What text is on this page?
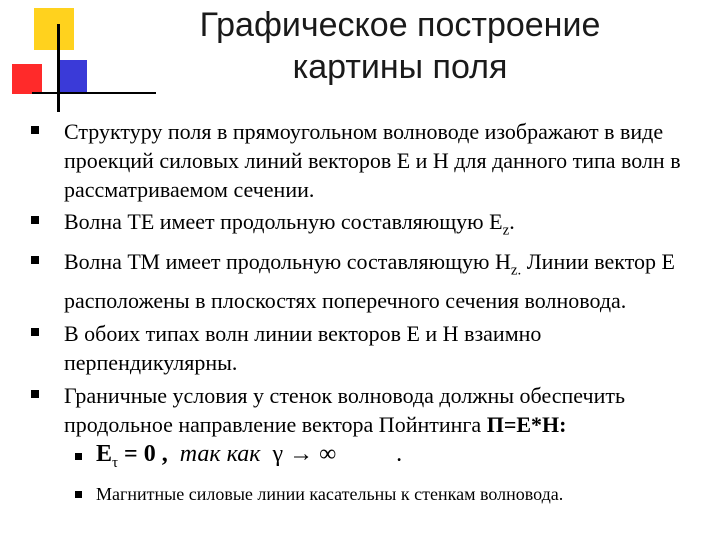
Графическое построение
картины поля
Структуру поля в прямоугольном волноводе изображают в виде проекций силовых линий векторов Е и Н для данного типа волн в рассматриваемом сечении.
Волна ТЕ имеет продольную составляющую $Е_z$.
Волна ТМ имеет продольную составляющую $Н_{z.}$ Линии вектор Е расположены в плоскостях поперечного сечения волновода.
В обоих типах волн линии векторов Е и Н взаимно перпендикулярны.
Граничные условия у стенок волновода должны обеспечить продольное направление вектора Пойнтинга П=Е*Н:
$E_\tau = 0$ , так как γ → ∞	.
Магнитные силовые линии касательны к стенкам волновода.
